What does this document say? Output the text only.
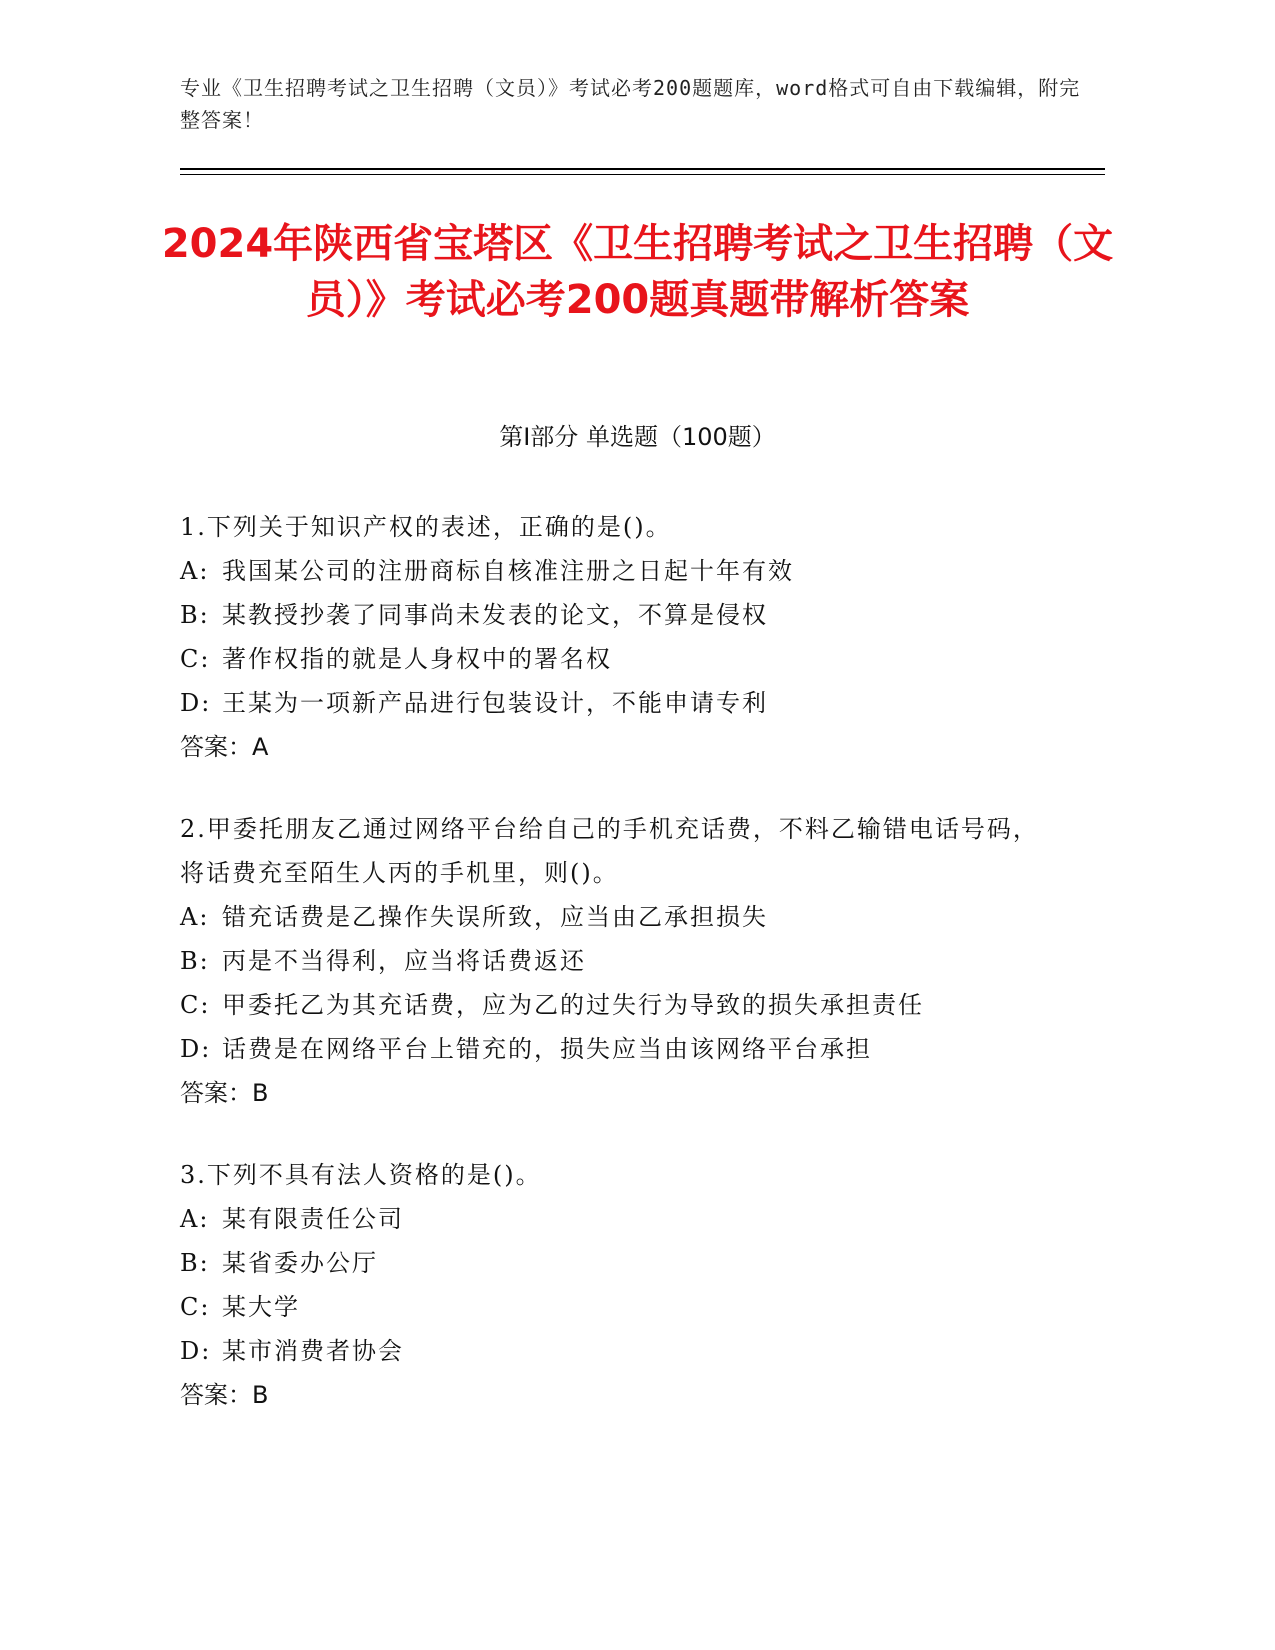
专业《卫生招聘考试之卫生招聘（文员）》考试必考200题题库，word格式可自由下载编辑，附完整答案！
2024年陕西省宝塔区《卫生招聘考试之卫生招聘（文员）》考试必考200题真题带解析答案
第I部分 单选题（100题）
1.下列关于知识产权的表述，正确的是()。
A: 我国某公司的注册商标自核准注册之日起十年有效
B: 某教授抄袭了同事尚未发表的论文，不算是侵权
C: 著作权指的就是人身权中的署名权
D: 王某为一项新产品进行包装设计，不能申请专利
答案：A
2.甲委托朋友乙通过网络平台给自己的手机充话费，不料乙输错电话号码，将话费充至陌生人丙的手机里，则()。
A: 错充话费是乙操作失误所致，应当由乙承担损失
B: 丙是不当得利，应当将话费返还
C: 甲委托乙为其充话费，应为乙的过失行为导致的损失承担责任
D: 话费是在网络平台上错充的，损失应当由该网络平台承担
答案：B
3.下列不具有法人资格的是()。
A: 某有限责任公司
B: 某省委办公厅
C: 某大学
D: 某市消费者协会
答案：B
